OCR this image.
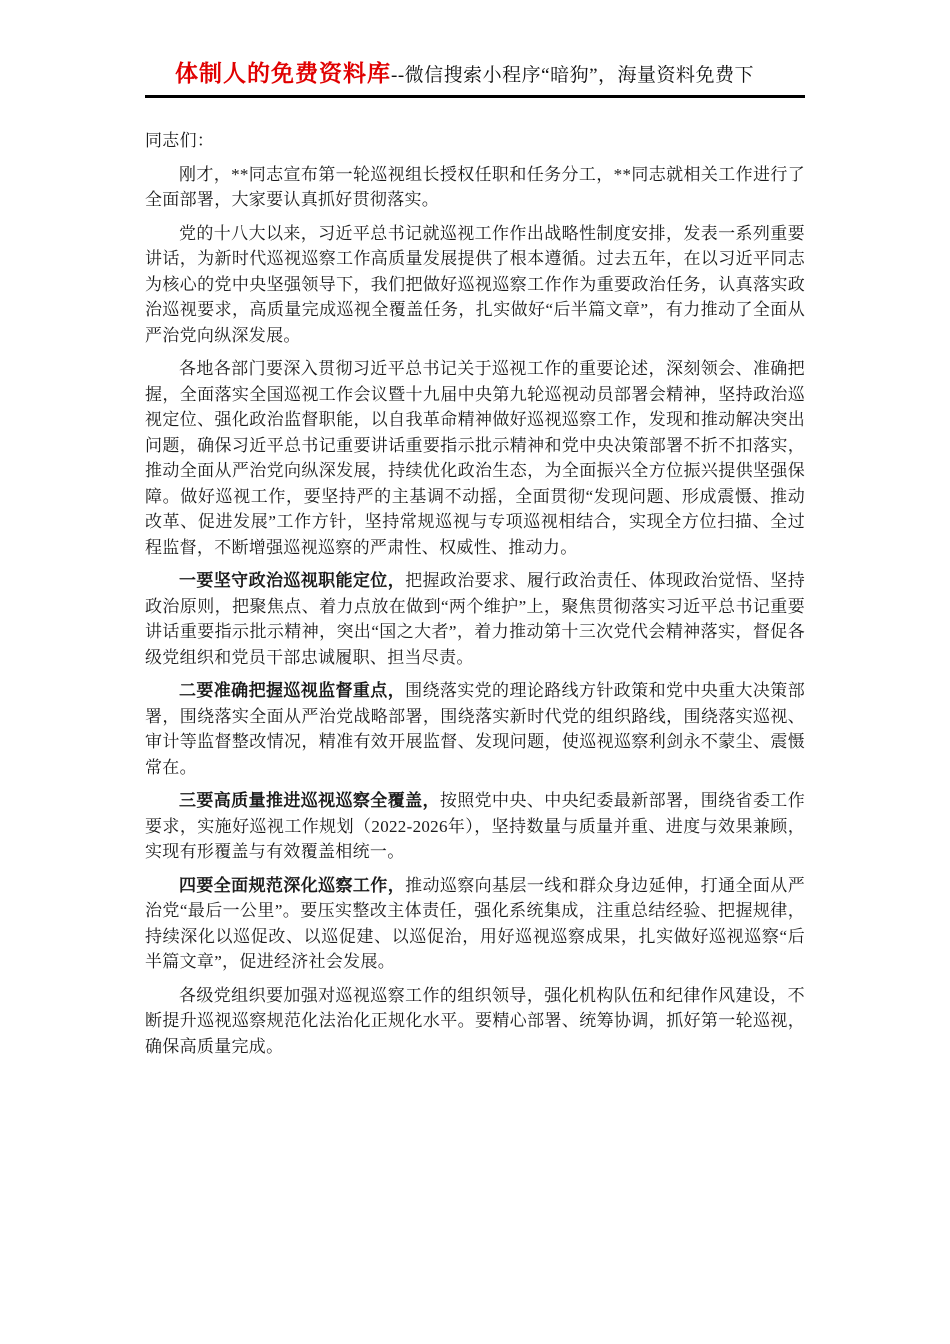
体制人的免费资料库--微信搜索小程序“暗狗”，海量资料免费下

同志们：

刚才，**同志宣布第一轮巡视组长授权任职和任务分工，**同志就相关工作进行了全面部署，大家要认真抓好贯彻落实。

党的十八大以来，习近平总书记就巡视工作作出战略性制度安排，发表一系列重要讲话，为新时代巡视巡察工作高质量发展提供了根本遵循。过去五年，在以习近平同志为核心的党中央坚强领导下，我们把做好巡视巡察工作作为重要政治任务，认真落实政治巡视要求，高质量完成巡视全覆盖任务，扎实做好“后半篇文章”，有力推动了全面从严治党向纵深发展。

各地各部门要深入贯彻习近平总书记关于巡视工作的重要论述，深刻领会、准确把握，全面落实全国巡视工作会议暨十九届中央第九轮巡视动员部署会精神，坚持政治巡视定位、强化政治监督职能，以自我革命精神做好巡视巡察工作，发现和推动解决突出问题，确保习近平总书记重要讲话重要指示批示精神和党中央决策部署不折不扣落实，推动全面从严治党向纵深发展，持续优化政治生态，为全面振兴全方位振兴提供坚强保障。做好巡视工作，要坚持严的主基调不动摇，全面贯彻“发现问题、形成震慑、推动改革、促进发展”工作方针，坚持常规巡视与专项巡视相结合，实现全方位扫描、全过程监督，不断增强巡视巡察的严肃性、权威性、推动力。

一要坚守政治巡视职能定位，把握政治要求、履行政治责任、体现政治觉悟、坚持政治原则，把聚焦点、着力点放在做到“两个维护”上，聚焦贯彻落实习近平总书记重要讲话重要指示批示精神，突出“国之大者”，着力推动第十三次党代会精神落实，督促各级党组织和党员干部忠诚履职、担当尽责。

二要准确把握巡视监督重点，围绕落实党的理论路线方针政策和党中央重大决策部署，围绕落实全面从严治党战略部署，围绕落实新时代党的组织路线，围绕落实巡视、审计等监督整改情况，精准有效开展监督、发现问题，使巡视巡察利剑永不蒙尘、震慑常在。

三要高质量推进巡视巡察全覆盖，按照党中央、中央纪委最新部署，围绕省委工作要求，实施好巡视工作规划（2022-2026年），坚持数量与质量并重、进度与效果兼顾，实现有形覆盖与有效覆盖相统一。

四要全面规范深化巡察工作，推动巡察向基层一线和群众身边延伸，打通全面从严治党“最后一公里”。要压实整改主体责任，强化系统集成，注重总结经验、把握规律，持续深化以巡促改、以巡促建、以巡促治，用好巡视巡察成果，扎实做好巡视巡察“后半篇文章”，促进经济社会发展。

各级党组织要加强对巡视巡察工作的组织领导，强化机构队伍和纪律作风建设，不断提升巡视巡察规范化法治化正规化水平。要精心部署、统筹协调，抓好第一轮巡视，确保高质量完成。
